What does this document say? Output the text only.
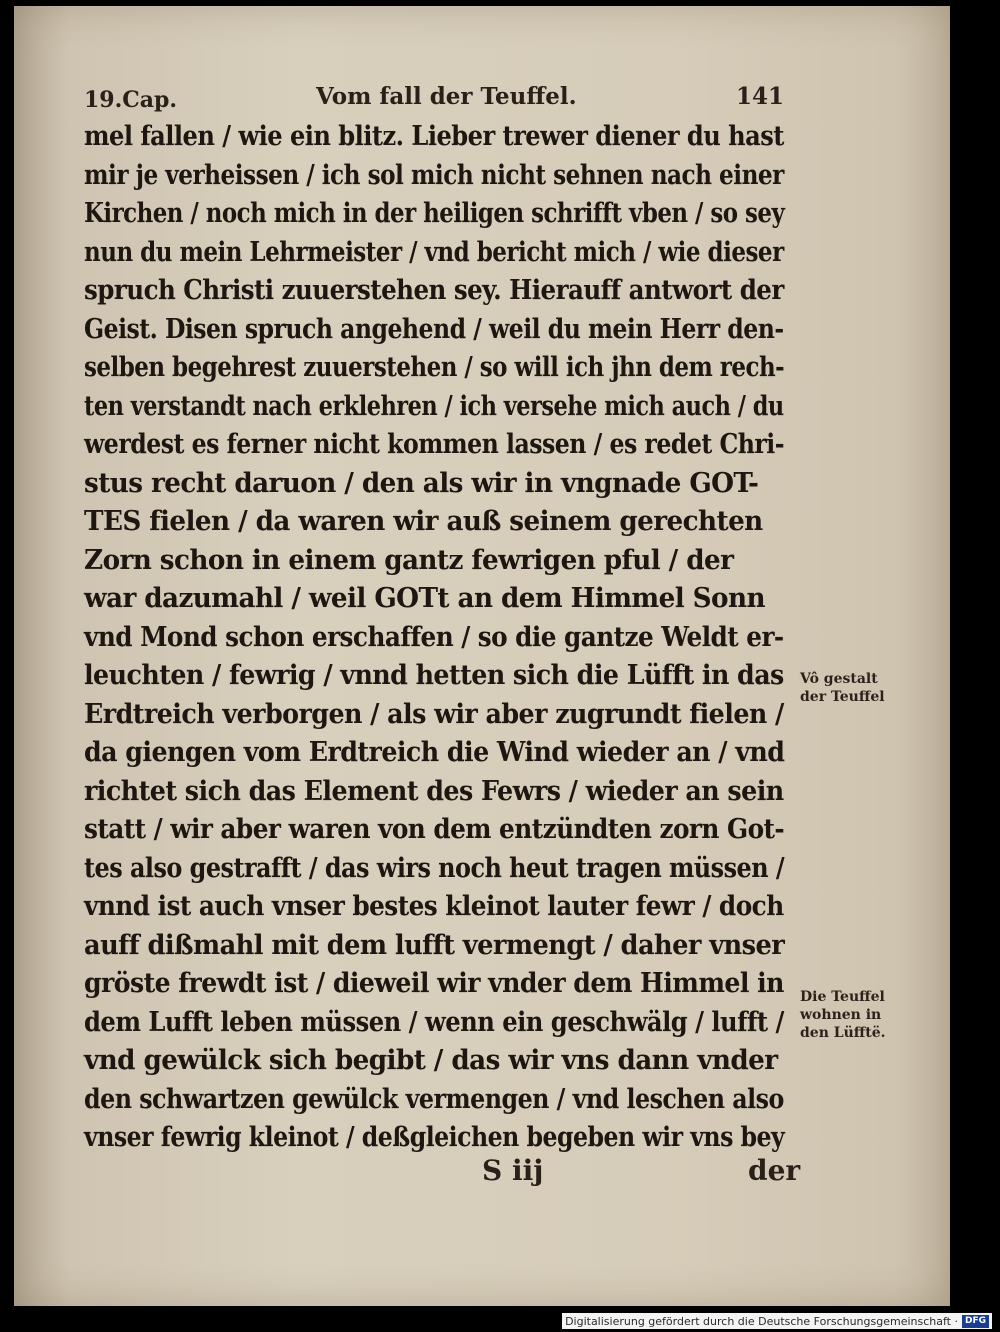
19.Cap.	Vom fall der Teuffel.	141
mel fallen / wie ein blitz. Lieber trewer diener du hast
mir je verheissen / ich sol mich nicht sehnen nach einer
Kirchen / noch mich in der heiligen schrifft vben / so sey
nun du mein Lehrmeister / vnd bericht mich / wie dieser
spruch Christi zuuerstehen sey. Hierauff antwort der
Geist. Disen spruch angehend / weil du mein Herr den-
selben begehrest zuuerstehen / so will ich jhn dem rech-
ten verstandt nach erklehren / ich versehe mich auch / du
werdest es ferner nicht kommen lassen / es redet Chri-
stus recht daruon / den als wir in vngnade GOT-
TES fielen / da waren wir auß seinem gerechten
Zorn schon in einem gantz fewrigen pful / der
war dazumahl / weil GOTt an dem Himmel Sonn
vnd Mond schon erschaffen / so die gantze Weldt er-
leuchten / fewrig / vnnd hetten sich die Lüfft in das
Erdtreich verborgen / als wir aber zugrundt fielen /
da giengen vom Erdtreich die Wind wieder an / vnd
richtet sich das Element des Fewrs / wieder an sein
statt / wir aber waren von dem entzündten zorn Got-
tes also gestrafft / das wirs noch heut tragen müssen /
vnnd ist auch vnser bestes kleinot lauter fewr / doch
auff dißmahl mit dem lufft vermengt / daher vnser
gröste frewdt ist / dieweil wir vnder dem Himmel in
dem Lufft leben müssen / wenn ein geschwälg / lufft /
vnd gewülck sich begibt / das wir vns dann vnder
den schwartzen gewülck vermengen / vnd leschen also
vnser fewrig kleinot / deßgleichen begeben wir vns bey
Vô gestalt
der Teuffel
Die Teuffel
wohnen in
den Lüfftë.
S iij	der
Digitalisierung gefördert durch die Deutsche Forschungsgemeinschaft · DFG
